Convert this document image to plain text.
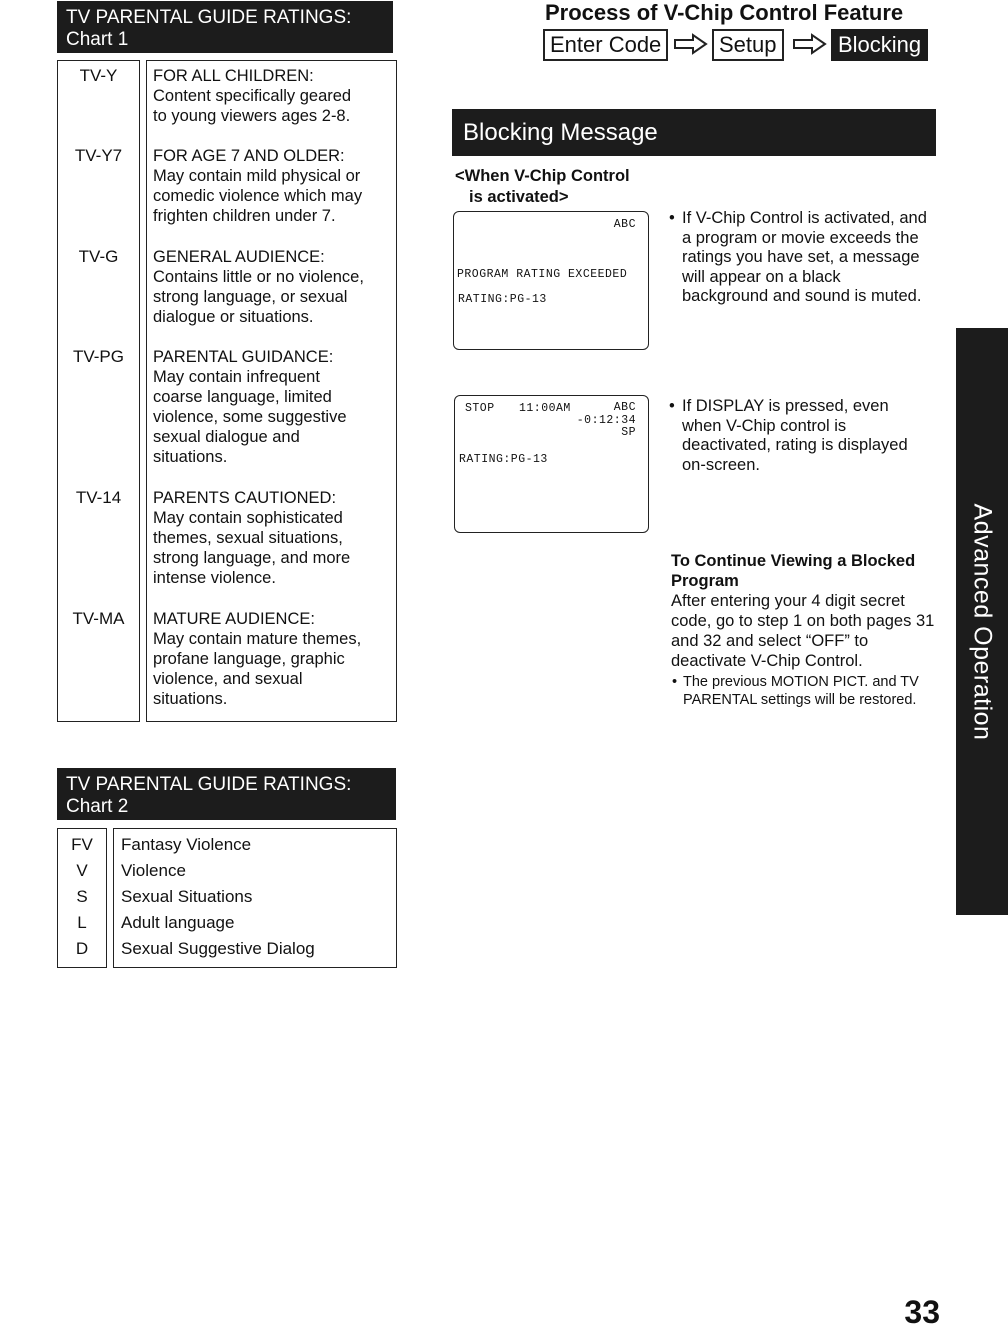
TV PARENTAL GUIDE RATINGS:
Chart 1
TV-Y	FOR ALL CHILDREN:
Content specifically geared
to young viewers ages 2-8.
TV-Y7	FOR AGE 7 AND OLDER:
May contain mild physical or
comedic violence which may
frighten children under 7.
TV-G	GENERAL AUDIENCE:
Contains little or no violence,
strong language, or sexual
dialogue or situations.
TV-PG	PARENTAL GUIDANCE:
May contain infrequent
coarse language, limited
violence, some suggestive
sexual dialogue and
situations.
TV-14	PARENTS CAUTIONED:
May contain sophisticated
themes, sexual situations,
strong language, and more
intense violence.
TV-MA	MATURE AUDIENCE:
May contain mature themes,
profane language, graphic
violence, and sexual
situations.
TV PARENTAL GUIDE RATINGS:
Chart 2
FV	Fantasy Violence
V	Violence
S	Sexual Situations
L	Adult language
D	Sexual Suggestive Dialog
Process of V-Chip Control Feature
Enter Code	Setup	Blocking
Blocking Message
<When V-Chip Control
is activated>
ABC
PROGRAM RATING EXCEEDED
RATING:PG-13
• If V-Chip Control is activated, and a program or movie exceeds the ratings you have set, a message will appear on a black background and sound is muted.
STOP 11:00AM	ABC
-0:12:34
SP
RATING:PG-13
• If DISPLAY is pressed, even when V-Chip control is deactivated, rating is displayed on-screen.
To Continue Viewing a Blocked Program
After entering your 4 digit secret code, go to step 1 on both pages 31 and 32 and select “OFF” to deactivate V-Chip Control.
• The previous MOTION PICT. and TV PARENTAL settings will be restored.	Advanced Operation
33
